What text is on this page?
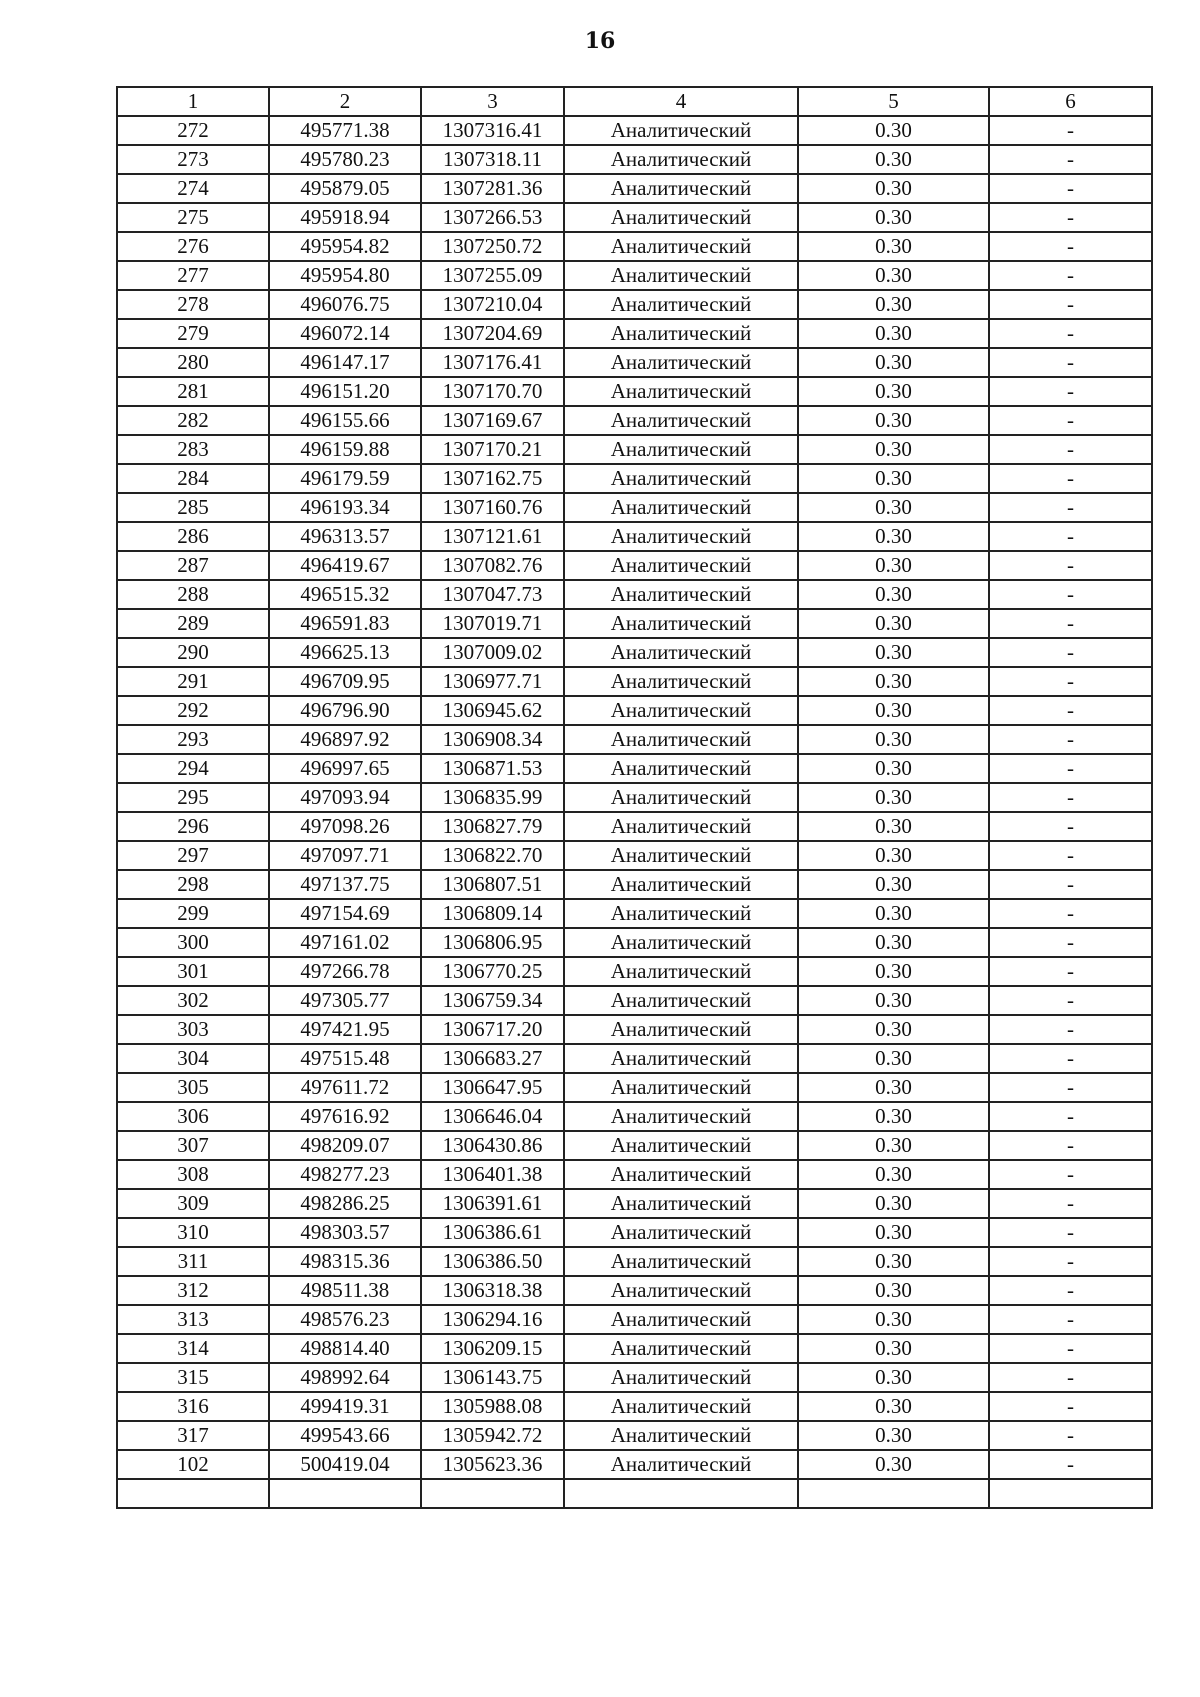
16
1	2	3	4	5	6
272	495771.38	1307316.41	Аналитический	0.30	-
273	495780.23	1307318.11	Аналитический	0.30	-
274	495879.05	1307281.36	Аналитический	0.30	-
275	495918.94	1307266.53	Аналитический	0.30	-
276	495954.82	1307250.72	Аналитический	0.30	-
277	495954.80	1307255.09	Аналитический	0.30	-
278	496076.75	1307210.04	Аналитический	0.30	-
279	496072.14	1307204.69	Аналитический	0.30	-
280	496147.17	1307176.41	Аналитический	0.30	-
281	496151.20	1307170.70	Аналитический	0.30	-
282	496155.66	1307169.67	Аналитический	0.30	-
283	496159.88	1307170.21	Аналитический	0.30	-
284	496179.59	1307162.75	Аналитический	0.30	-
285	496193.34	1307160.76	Аналитический	0.30	-
286	496313.57	1307121.61	Аналитический	0.30	-
287	496419.67	1307082.76	Аналитический	0.30	-
288	496515.32	1307047.73	Аналитический	0.30	-
289	496591.83	1307019.71	Аналитический	0.30	-
290	496625.13	1307009.02	Аналитический	0.30	-
291	496709.95	1306977.71	Аналитический	0.30	-
292	496796.90	1306945.62	Аналитический	0.30	-
293	496897.92	1306908.34	Аналитический	0.30	-
294	496997.65	1306871.53	Аналитический	0.30	-
295	497093.94	1306835.99	Аналитический	0.30	-
296	497098.26	1306827.79	Аналитический	0.30	-
297	497097.71	1306822.70	Аналитический	0.30	-
298	497137.75	1306807.51	Аналитический	0.30	-
299	497154.69	1306809.14	Аналитический	0.30	-
300	497161.02	1306806.95	Аналитический	0.30	-
301	497266.78	1306770.25	Аналитический	0.30	-
302	497305.77	1306759.34	Аналитический	0.30	-
303	497421.95	1306717.20	Аналитический	0.30	-
304	497515.48	1306683.27	Аналитический	0.30	-
305	497611.72	1306647.95	Аналитический	0.30	-
306	497616.92	1306646.04	Аналитический	0.30	-
307	498209.07	1306430.86	Аналитический	0.30	-
308	498277.23	1306401.38	Аналитический	0.30	-
309	498286.25	1306391.61	Аналитический	0.30	-
310	498303.57	1306386.61	Аналитический	0.30	-
311	498315.36	1306386.50	Аналитический	0.30	-
312	498511.38	1306318.38	Аналитический	0.30	-
313	498576.23	1306294.16	Аналитический	0.30	-
314	498814.40	1306209.15	Аналитический	0.30	-
315	498992.64	1306143.75	Аналитический	0.30	-
316	499419.31	1305988.08	Аналитический	0.30	-
317	499543.66	1305942.72	Аналитический	0.30	-
102	500419.04	1305623.36	Аналитический	0.30	-
